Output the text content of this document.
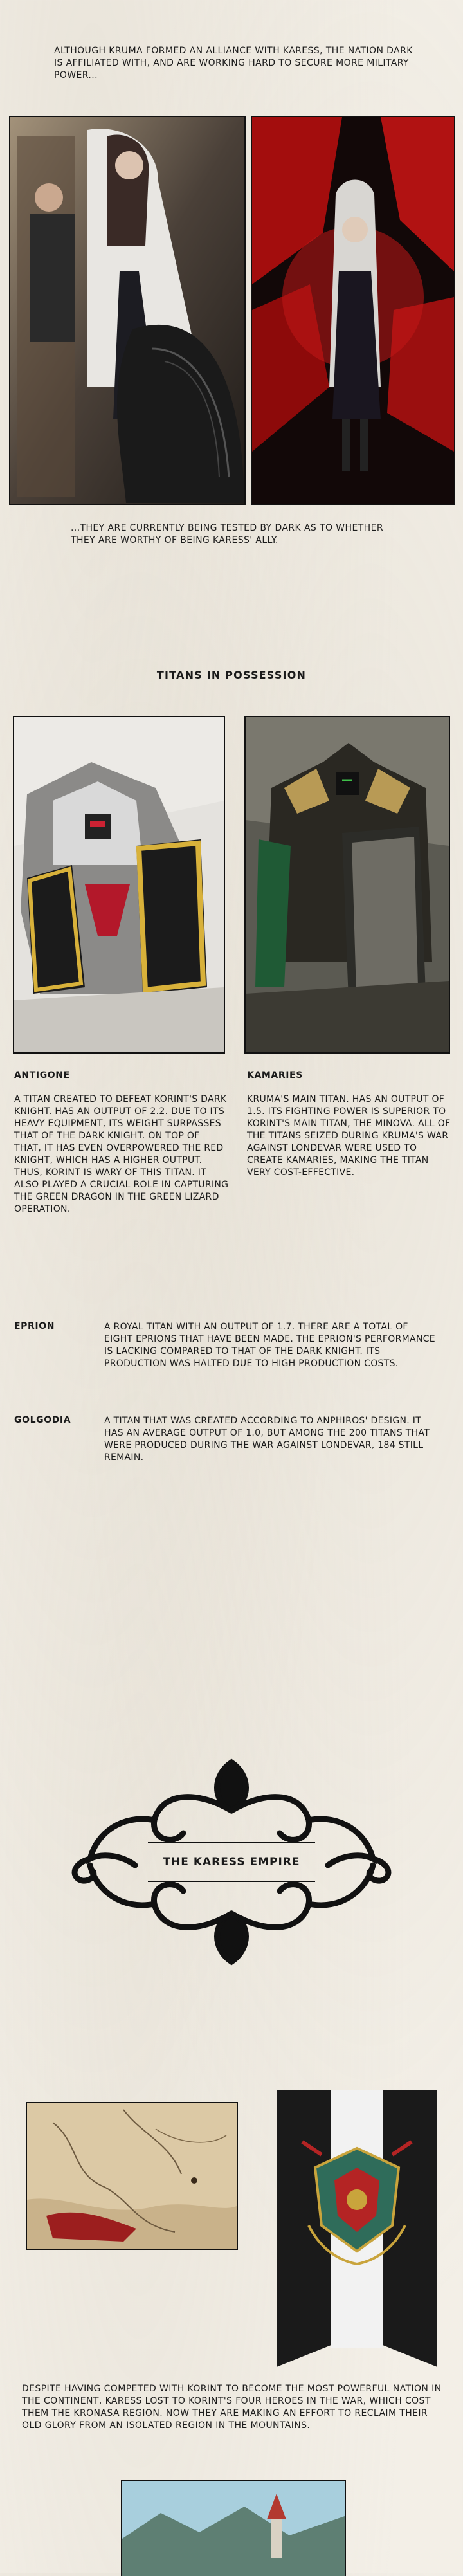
ALTHOUGH KRUMA FORMED AN ALLIANCE WITH KARESS, THE NATION DARK IS AFFILIATED WITH, AND ARE WORKING HARD TO SECURE MORE MILITARY POWER...
...THEY ARE CURRENTLY BEING TESTED BY DARK AS TO WHETHER THEY ARE WORTHY OF BEING KARESS' ALLY.
TITANS IN POSSESSION
ANTIGONE
A TITAN CREATED TO DEFEAT KORINT'S DARK KNIGHT. HAS AN OUTPUT OF 2.2. DUE TO ITS HEAVY EQUIPMENT, ITS WEIGHT SURPASSES THAT OF THE DARK KNIGHT. ON TOP OF THAT, IT HAS EVEN OVERPOWERED THE RED KNIGHT, WHICH HAS A HIGHER OUTPUT. THUS, KORINT IS WARY OF THIS TITAN. IT ALSO PLAYED A CRUCIAL ROLE IN CAPTURING THE GREEN DRAGON IN THE GREEN LIZARD OPERATION.
KAMARIES
KRUMA'S MAIN TITAN. HAS AN OUTPUT OF 1.5. ITS FIGHTING POWER IS SUPERIOR TO KORINT'S MAIN TITAN, THE MINOVA. ALL OF THE TITANS SEIZED DURING KRUMA'S WAR AGAINST LONDEVAR WERE USED TO CREATE KAMARIES, MAKING THE TITAN VERY COST-EFFECTIVE.
EPRION	A ROYAL TITAN WITH AN OUTPUT OF 1.7. THERE ARE A TOTAL OF EIGHT EPRIONS THAT HAVE BEEN MADE. THE EPRION'S PERFORMANCE IS LACKING COMPARED TO THAT OF THE DARK KNIGHT. ITS PRODUCTION WAS HALTED DUE TO HIGH PRODUCTION COSTS.
GOLGODIA	A TITAN THAT WAS CREATED ACCORDING TO ANPHIROS' DESIGN. IT HAS AN AVERAGE OUTPUT OF 1.0, BUT AMONG THE 200 TITANS THAT WERE PRODUCED DURING THE WAR AGAINST LONDEVAR, 184 STILL REMAIN.
THE KARESS EMPIRE
DESPITE HAVING COMPETED WITH KORINT TO BECOME THE MOST POWERFUL NATION IN THE CONTINENT, KARESS LOST TO KORINT'S FOUR HEROES IN THE WAR, WHICH COST THEM THE KRONASA REGION. NOW THEY ARE MAKING AN EFFORT TO RECLAIM THEIR OLD GLORY FROM AN ISOLATED REGION IN THE MOUNTAINS.
